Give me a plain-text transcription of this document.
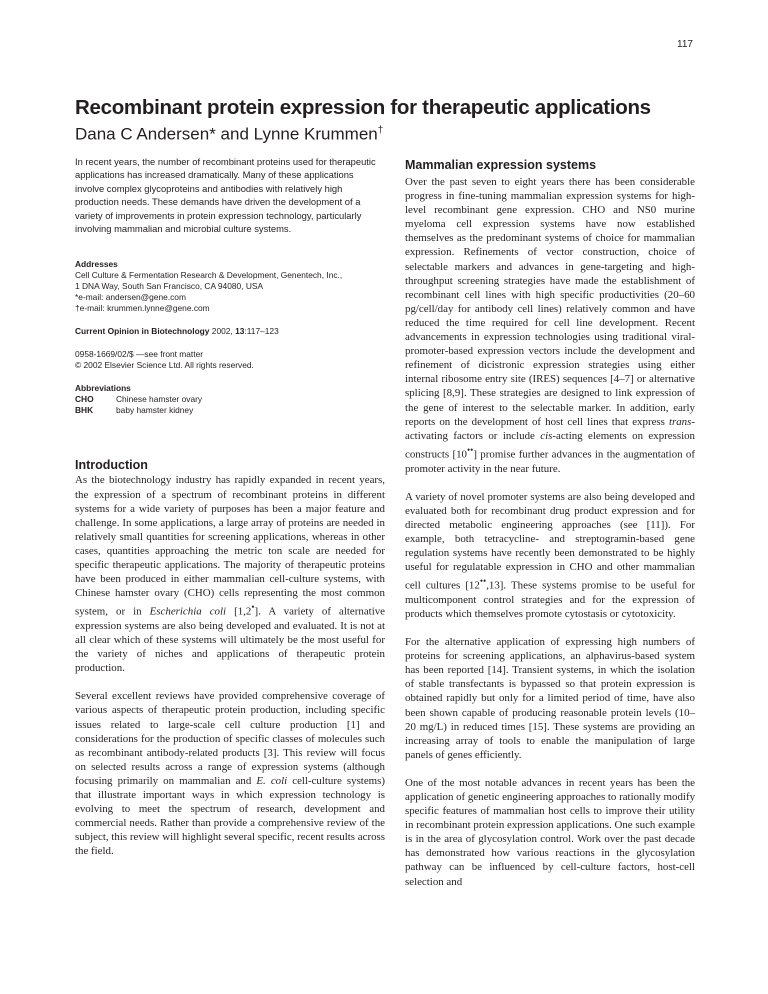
117
Recombinant protein expression for therapeutic applications
Dana C Andersen* and Lynne Krummen†

In recent years, the number of recombinant proteins used for therapeutic applications has increased dramatically. Many of these applications involve complex glycoproteins and antibodies with relatively high production needs. These demands have driven the development of a variety of improvements in protein expression technology, particularly involving mammalian and microbial culture systems.

Addresses
Cell Culture & Fermentation Research & Development, Genentech, Inc.,
1 DNA Way, South San Francisco, CA 94080, USA
*e-mail: andersen@gene.com
†e-mail: krummen.lynne@gene.com
Current Opinion in Biotechnology 2002, 13:117–123
0958-1669/02/$ —see front matter
© 2002 Elsevier Science Ltd. All rights reserved.
Abbreviations
CHO	Chinese hamster ovary
BHK	baby hamster kidney
Introduction

As the biotechnology industry has rapidly expanded in recent years, the expression of a spectrum of recombinant proteins in different systems for a wide variety of purposes has been a major feature and challenge. In some applications, a large array of proteins are needed in relatively small quantities for screening applications, whereas in other cases, quantities approaching the metric ton scale are needed for specific therapeutic applications. The majority of therapeutic proteins have been produced in either mammalian cell-culture systems, with Chinese hamster ovary (CHO) cells representing the most common system, or in Escherichia coli [1,2•]. A variety of alternative expression systems are also being developed and evaluated. It is not at all clear which of these systems will ultimately be the most useful for the variety of niches and applications of therapeutic protein production.

Several excellent reviews have provided comprehensive coverage of various aspects of therapeutic protein production, including specific issues related to large-scale cell culture production [1] and considerations for the production of specific classes of molecules such as recombinant antibody-related products [3]. This review will focus on selected results across a range of expression systems (although focusing primarily on mammalian and E. coli cell-culture systems) that illustrate important ways in which expression technology is evolving to meet the spectrum of research, development and commercial needs. Rather than provide a comprehensive review of the subject, this review will highlight several specific, recent results across the field.

Mammalian expression systems

Over the past seven to eight years there has been considerable progress in fine-tuning mammalian expression systems for high-level recombinant gene expression. CHO and NS0 murine myeloma cell expression systems have now established themselves as the predominant systems of choice for mammalian expression. Refinements of vector construction, choice of selectable markers and advances in gene-targeting and high-throughput screening strategies have made the establishment of recombinant cell lines with high specific productivities (20–60 pg/cell/day for antibody cell lines) relatively common and have reduced the time required for cell line development. Recent advancements in expression technologies using traditional viral-promoter-based expression vectors include the development and refinement of dicistronic expression strategies using either internal ribosome entry site (IRES) sequences [4–7] or alternative splicing [8,9]. These strategies are designed to link expression of the gene of interest to the selectable marker. In addition, early reports on the development of host cell lines that express trans-activating factors or include cis-acting elements on expression constructs [10••] promise further advances in the augmentation of promoter activity in the near future.

A variety of novel promoter systems are also being developed and evaluated both for recombinant drug product expression and for directed metabolic engineering approaches (see [11]). For example, both tetracycline- and streptogramin-based gene regulation systems have recently been demonstrated to be highly useful for regulatable expression in CHO and other mammalian cell cultures [12••,13]. These systems promise to be useful for multicomponent control strategies and for the expression of products which themselves promote cytostasis or cytotoxicity.

For the alternative application of expressing high numbers of proteins for screening applications, an alphavirus-based system has been reported [14]. Transient systems, in which the isolation of stable transfectants is bypassed so that protein expression is obtained rapidly but only for a limited period of time, have also been shown capable of producing reasonable protein levels (10–20 mg/L) in reduced times [15]. These systems are providing an increasing array of tools to enable the manipulation of large panels of genes efficiently.

One of the most notable advances in recent years has been the application of genetic engineering approaches to rationally modify specific features of mammalian host cells to improve their utility in recombinant protein expression applications. One such example is in the area of glycosylation control. Work over the past decade has demonstrated how various reactions in the glycosylation pathway can be influenced by cell-culture factors, host-cell selection and
